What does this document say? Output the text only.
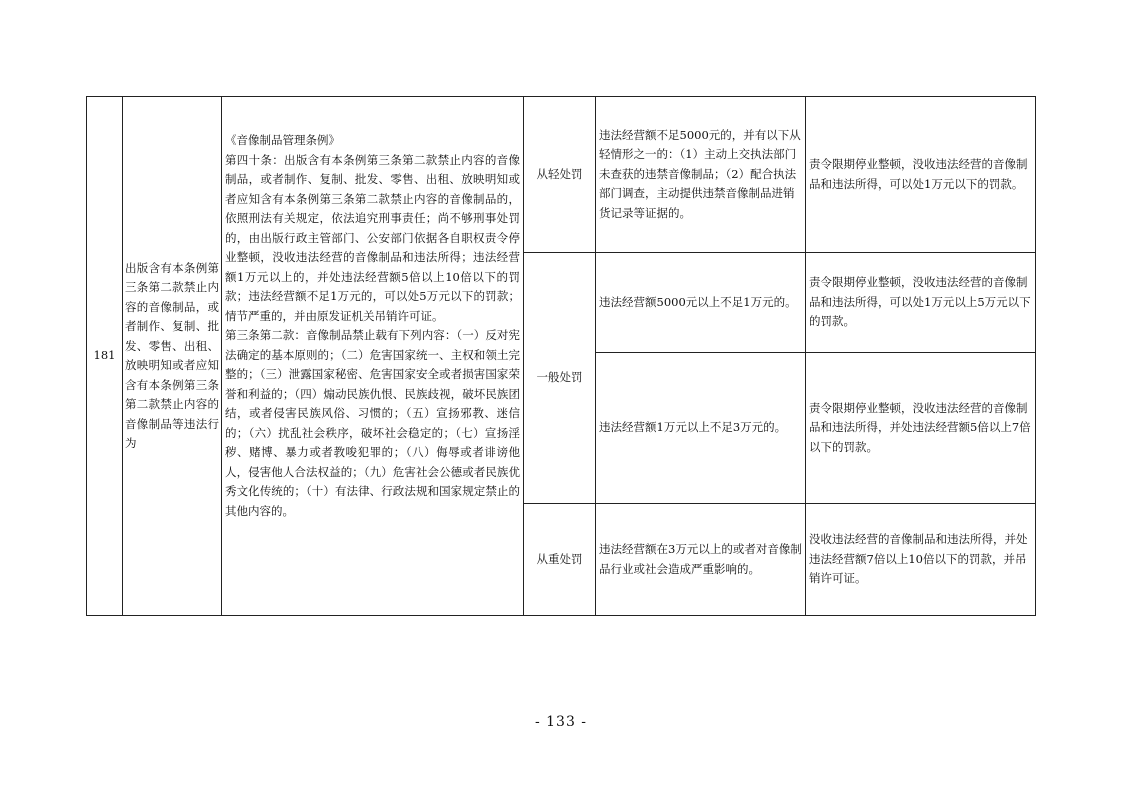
181	出版含有本条例第三条第二款禁止内容的音像制品，或者制作、复制、批发、零售、出租、放映明知或者应知含有本条例第三条第二款禁止内容的音像制品等违法行为	《音像制品管理条例》
第四十条：出版含有本条例第三条第二款禁止内容的音像制品，或者制作、复制、批发、零售、出租、放映明知或者应知含有本条例第三条第二款禁止内容的音像制品的，依照刑法有关规定，依法追究刑事责任；尚不够刑事处罚的，由出版行政主管部门、公安部门依据各自职权责令停业整顿，没收违法经营的音像制品和违法所得；违法经营额1万元以上的，并处违法经营额5倍以上10倍以下的罚款；违法经营额不足1万元的，可以处5万元以下的罚款；情节严重的，并由原发证机关吊销许可证。
第三条第二款：音像制品禁止载有下列内容：（一）反对宪法确定的基本原则的；（二）危害国家统一、主权和领土完整的；（三）泄露国家秘密、危害国家安全或者损害国家荣誉和利益的；（四）煽动民族仇恨、民族歧视，破坏民族团结，或者侵害民族风俗、习惯的；（五）宣扬邪教、迷信的；（六）扰乱社会秩序，破坏社会稳定的；（七）宣扬淫秽、赌博、暴力或者教唆犯罪的；（八）侮辱或者诽谤他人，侵害他人合法权益的；（九）危害社会公德或者民族优秀文化传统的；（十）有法律、行政法规和国家规定禁止的其他内容的。	从轻处罚	违法经营额不足5000元的，并有以下从轻情形之一的：（1）主动上交执法部门未查获的违禁音像制品；（2）配合执法部门调查，主动提供违禁音像制品进销货记录等证据的。	责令限期停业整顿，没收违法经营的音像制品和违法所得，可以处1万元以下的罚款。

			一般处罚	违法经营额5000元以上不足1万元的。	责令限期停业整顿，没收违法经营的音像制品和违法所得，可以处1万元以上5万元以下的罚款。

				违法经营额1万元以上不足3万元的。	责令限期停业整顿，没收违法经营的音像制品和违法所得，并处违法经营额5倍以上7倍以下的罚款。

			从重处罚	违法经营额在3万元以上的或者对音像制品行业或社会造成严重影响的。	没收违法经营的音像制品和违法所得，并处违法经营额7倍以上10倍以下的罚款，并吊销许可证。
- 133 -
